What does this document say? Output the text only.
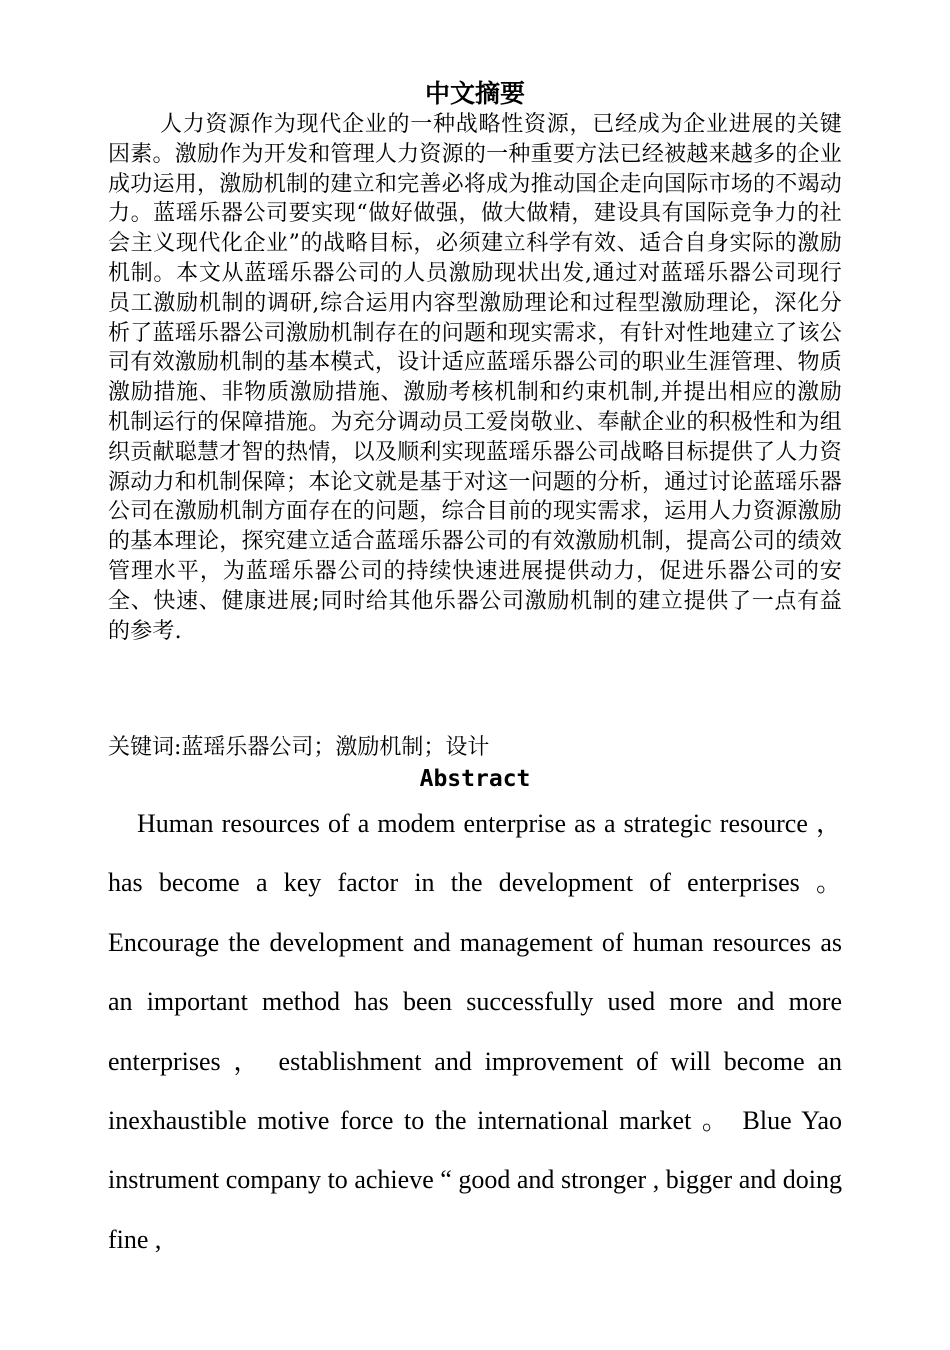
中文摘要
人力资源作为现代企业的一种战略性资源，已经成为企业进展的关键因素。激励作为开发和管理人力资源的一种重要方法已经被越来越多的企业成功运用，激励机制的建立和完善必将成为推动国企走向国际市场的不竭动力。蓝瑶乐器公司要实现“做好做强，做大做精，建设具有国际竞争力的社会主义现代化企业”的战略目标，必须建立科学有效、适合自身实际的激励机制。本文从蓝瑶乐器公司的人员激励现状出发,通过对蓝瑶乐器公司现行员工激励机制的调研,综合运用内容型激励理论和过程型激励理论，深化分析了蓝瑶乐器公司激励机制存在的问题和现实需求，有针对性地建立了该公司有效激励机制的基本模式，设计适应蓝瑶乐器公司的职业生涯管理、物质激励措施、非物质激励措施、激励考核机制和约束机制,并提出相应的激励机制运行的保障措施。为充分调动员工爱岗敬业、奉献企业的积极性和为组织贡献聪慧才智的热情，以及顺利实现蓝瑶乐器公司战略目标提供了人力资源动力和机制保障；本论文就是基于对这一问题的分析，通过讨论蓝瑶乐器公司在激励机制方面存在的问题，综合目前的现实需求，运用人力资源激励的基本理论，探究建立适合蓝瑶乐器公司的有效激励机制，提高公司的绩效管理水平，为蓝瑶乐器公司的持续快速进展提供动力，促进乐器公司的安全、快速、健康进展;同时给其他乐器公司激励机制的建立提供了一点有益的参考.
关键词:蓝瑶乐器公司；激励机制；设计
Abstract
Human resources of a modem enterprise as a strategic resource ， has become a key factor in the development of enterprises 。 Encourage the development and management of human resources as an important method has been successfully used more and more enterprises ， establishment and improvement of will become an inexhaustible motive force to the international market 。 Blue Yao instrument company to achieve “ good and stronger , bigger and doing fine ,
